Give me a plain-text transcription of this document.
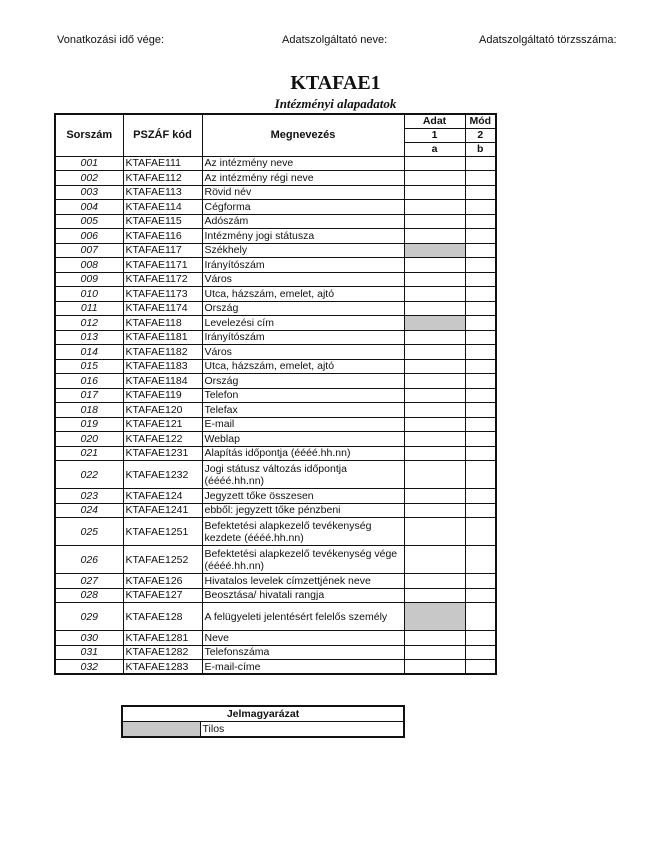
Vonatkozási idő vége:	Adatszolgáltató neve:	Adatszolgáltató törzsszáma:
KTAFAE1
Intézményi alapadatok
Sorszám	PSZÁF kód	Megnevezés	Adat	Mód
			1	2
			a	b
001	KTAFAE111	Az intézmény neve		
002	KTAFAE112	Az intézmény régi neve		
003	KTAFAE113	Rövid név		
004	KTAFAE114	Cégforma		
005	KTAFAE115	Adószám		
006	KTAFAE116	Intézmény jogi státusza		
007	KTAFAE117	Székhely		
008	KTAFAE1171	Irányítószám		
009	KTAFAE1172	Város		
010	KTAFAE1173	Utca, házszám, emelet, ajtó		
011	KTAFAE1174	Ország		
012	KTAFAE118	Levelezési cím		
013	KTAFAE1181	Irányítószám		
014	KTAFAE1182	Város		
015	KTAFAE1183	Utca, házszám, emelet, ajtó		
016	KTAFAE1184	Ország		
017	KTAFAE119	Telefon		
018	KTAFAE120	Telefax		
019	KTAFAE121	E-mail		
020	KTAFAE122	Weblap		
021	KTAFAE1231	Alapítás időpontja (éééé.hh.nn)		
022	KTAFAE1232	Jogi státusz változás időpontja (éééé.hh.nn)		
023	KTAFAE124	Jegyzett tőke összesen		
024	KTAFAE1241	ebből: jegyzett tőke pénzbeni		
025	KTAFAE1251	Befektetési alapkezelő tevékenység kezdete (éééé.hh.nn)		
026	KTAFAE1252	Befektetési alapkezelő tevékenység vége (éééé.hh.nn)		
027	KTAFAE126	Hivatalos levelek címzettjének neve		
028	KTAFAE127	Beosztása/ hivatali rangja		
029	KTAFAE128	A felügyeleti jelentésért felelős személy		
030	KTAFAE1281	Neve		
031	KTAFAE1282	Telefonszáma		
032	KTAFAE1283	E-mail-címe		
Jelmagyarázat
	Tilos
